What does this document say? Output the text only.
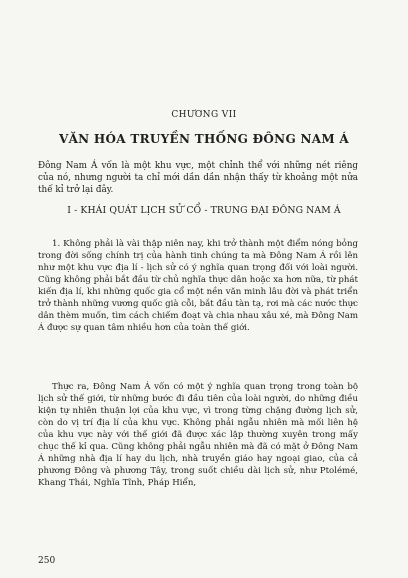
CHƯƠNG VII
VĂN HÓA TRUYỀN THỐNG ĐÔNG NAM Á
Đông Nam Á vốn là một khu vực, một chỉnh thể với những nét riêng của nó, nhưng người ta chỉ mới dần dần nhận thấy từ khoảng một nửa thế kỉ trở lại đây.
I - KHÁI QUÁT LỊCH SỬ CỔ - TRUNG ĐẠI ĐÔNG NAM Á
1. Không phải là vài thập niên nay, khi trở thành một điểm nóng bỏng trong đời sống chính trị của hành tinh chúng ta mà Đông Nam Á rồi lên như một khu vực địa lí - lịch sử có ý nghĩa quan trọng đối với loài người. Cũng không phải bắt đầu từ chủ nghĩa thực dân hoặc xa hơn nữa, từ phát kiến địa lí, khi những quốc gia cổ một nền văn minh lâu đời và phát triển trở thành những vương quốc già cỗi, bắt đầu tàn tạ, rơi mà các nước thực dân thèm muốn, tìm cách chiếm đoạt và chia nhau xâu xé, mà Đông Nam Á được sự quan tâm nhiều hơn của toàn thế giới.
Thực ra, Đông Nam Á vốn có một ý nghĩa quan trọng trong toàn bộ lịch sử thế giới, từ những bước đi đầu tiên của loài người, do những điều kiện tự nhiên thuận lợi của khu vực, vì trong từng chặng đường lịch sử, còn do vị trí địa lí của khu vực. Không phải ngẫu nhiên mà mối liên hệ của khu vực này với thế giới đã được xác lập thường xuyên trong mấy chục thế kỉ qua. Cũng không phải ngẫu nhiên mà đã có mặt ở Đông Nam Á những nhà địa lí hay du lịch, nhà truyền giáo hay ngoại giao, của cả phương Đông và phương Tây, trong suốt chiều dài lịch sử, như Ptolémé, Khang Thái, Nghĩa Tĩnh, Pháp Hiển,
250
